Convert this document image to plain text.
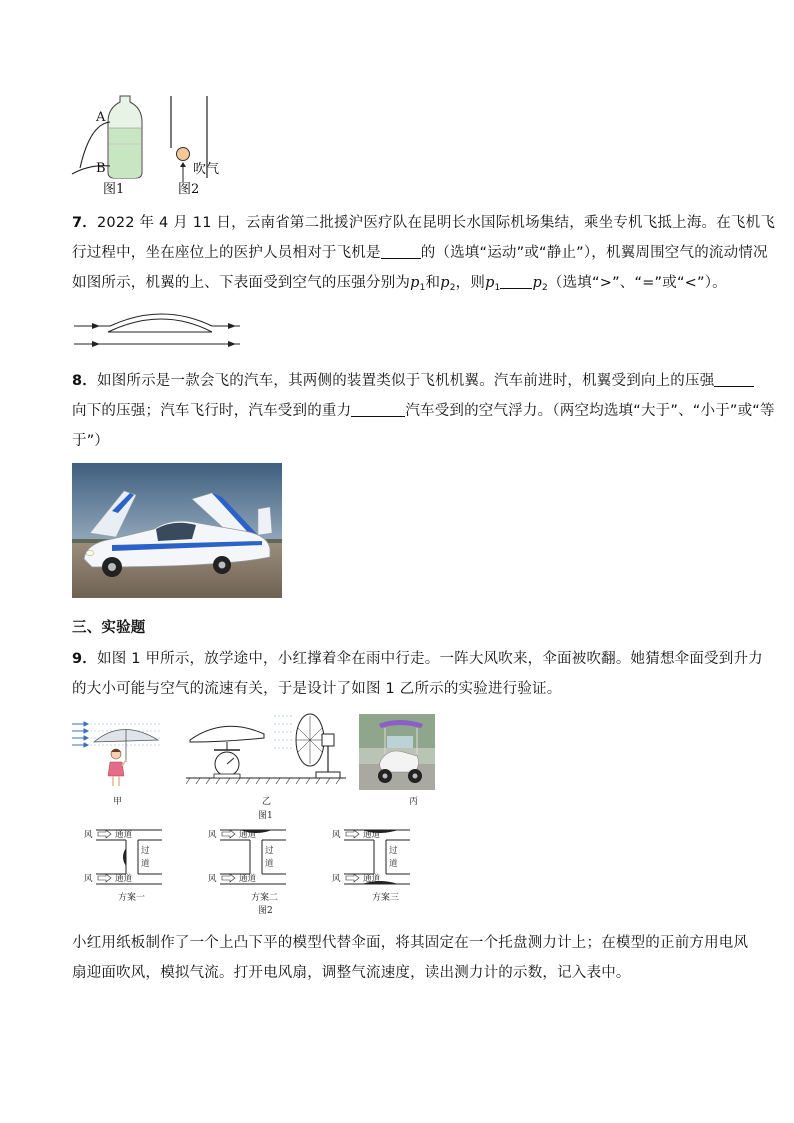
A
B
图1	图2
吹气
7．2022 年 4 月 11 日，云南省第二批援沪医疗队在昆明长水国际机场集结，乘坐专机飞抵上海。在飞机飞
行过程中，坐在座位上的医护人员相对于飞机是	的（选填“运动”或“静止”），机翼周围空气的流动情况
如图所示，机翼的上、下表面受到空气的压强分别为$p_1$和$p_2$，则$p_1$ $p_2$（选填“>”、“=”或“<”）。
8．如图所示是一款会飞的汽车，其两侧的装置类似于飞机机翼。汽车前进时，机翼受到向上的压强
向下的压强；汽车飞行时，汽车受到的重力	汽车受到的空气浮力。（两空均选填“大于”、“小于”或“等
于”）
三、实验题
9．如图 1 甲所示，放学途中，小红撑着伞在雨中行走。一阵大风吹来，伞面被吹翻。她猜想伞面受到升力
的大小可能与空气的流速有关，于是设计了如图 1 乙所示的实验进行验证。
甲	乙	丙
图1
风	通道
过
道
风	通道
风	通道
过
道
风	通道
风	通道
过
道
风	通道
方案一	方案二	方案三
图2
小红用纸板制作了一个上凸下平的模型代替伞面，将其固定在一个托盘测力计上；在模型的正前方用电风
扇迎面吹风，模拟气流。打开电风扇，调整气流速度，读出测力计的示数，记入表中。
